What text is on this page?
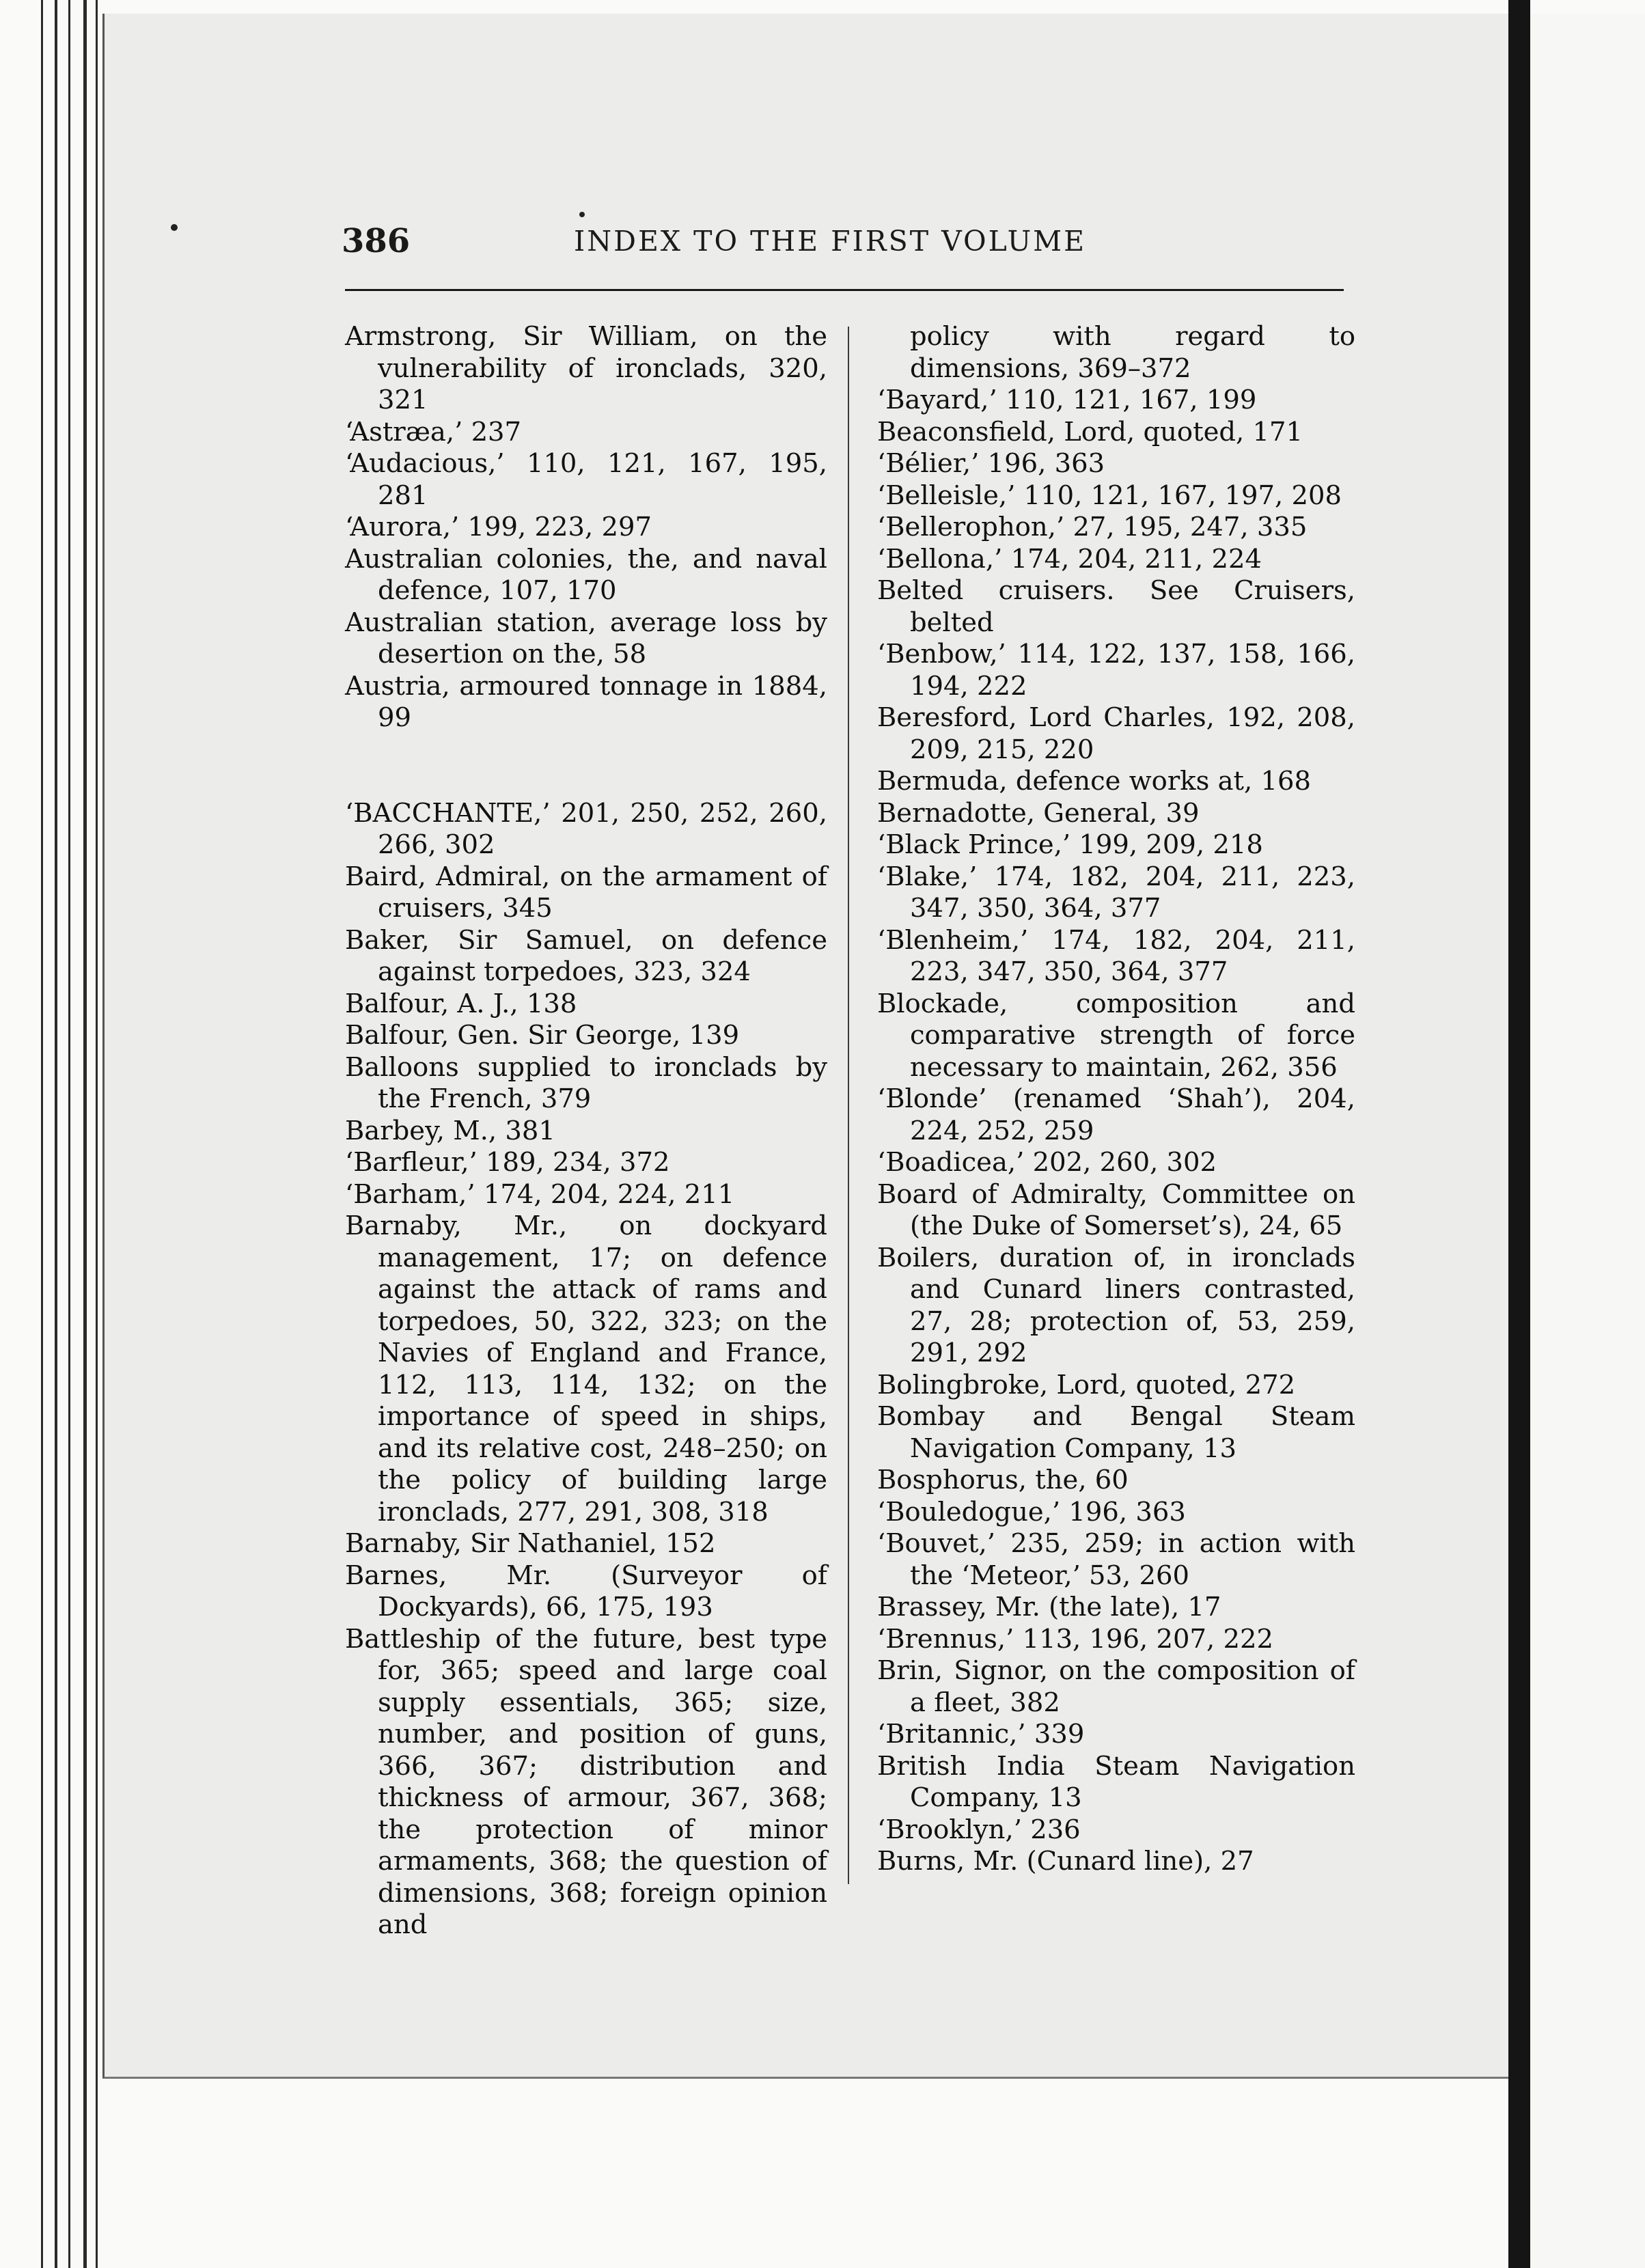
386	INDEX TO THE FIRST VOLUME

Armstrong, Sir William, on the vulnerability of ironclads, 320, 321

‘Astræa,’ 237

‘Audacious,’ 110, 121, 167, 195, 281

‘Aurora,’ 199, 223, 297

Australian colonies, the, and naval defence, 107, 170

Australian station, average loss by desertion on the, 58

Austria, armoured tonnage in 1884, 99

‘BACCHANTE,’ 201, 250, 252, 260, 266, 302

Baird, Admiral, on the armament of cruisers, 345

Baker, Sir Samuel, on defence against torpedoes, 323, 324

Balfour, A. J., 138

Balfour, Gen. Sir George, 139

Balloons supplied to ironclads by the French, 379

Barbey, M., 381

‘Barfleur,’ 189, 234, 372

‘Barham,’ 174, 204, 224, 211

Barnaby, Mr., on dockyard management, 17; on defence against the attack of rams and torpedoes, 50, 322, 323; on the Navies of England and France, 112, 113, 114, 132; on the importance of speed in ships, and its relative cost, 248–250; on the policy of building large ironclads, 277, 291, 308, 318

Barnaby, Sir Nathaniel, 152

Barnes, Mr. (Surveyor of Dockyards), 66, 175, 193

Battleship of the future, best type for, 365; speed and large coal supply essentials, 365; size, number, and position of guns, 366, 367; distribution and thickness of armour, 367, 368; the protection of minor armaments, 368; the question of dimensions, 368; foreign opinion and

policy with regard to dimensions, 369–372

‘Bayard,’ 110, 121, 167, 199

Beaconsfield, Lord, quoted, 171

‘Bélier,’ 196, 363

‘Belleisle,’ 110, 121, 167, 197, 208

‘Bellerophon,’ 27, 195, 247, 335

‘Bellona,’ 174, 204, 211, 224

Belted cruisers. See Cruisers, belted

‘Benbow,’ 114, 122, 137, 158, 166, 194, 222

Beresford, Lord Charles, 192, 208, 209, 215, 220

Bermuda, defence works at, 168

Bernadotte, General, 39

‘Black Prince,’ 199, 209, 218

‘Blake,’ 174, 182, 204, 211, 223, 347, 350, 364, 377

‘Blenheim,’ 174, 182, 204, 211, 223, 347, 350, 364, 377

Blockade, composition and comparative strength of force necessary to maintain, 262, 356

‘Blonde’ (renamed ‘Shah’), 204, 224, 252, 259

‘Boadicea,’ 202, 260, 302

Board of Admiralty, Committee on (the Duke of Somerset’s), 24, 65

Boilers, duration of, in ironclads and Cunard liners contrasted, 27, 28; protection of, 53, 259, 291, 292

Bolingbroke, Lord, quoted, 272

Bombay and Bengal Steam Navigation Company, 13

Bosphorus, the, 60

‘Bouledogue,’ 196, 363

‘Bouvet,’ 235, 259; in action with the ‘Meteor,’ 53, 260

Brassey, Mr. (the late), 17

‘Brennus,’ 113, 196, 207, 222

Brin, Signor, on the composition of a fleet, 382

‘Britannic,’ 339

British India Steam Navigation Company, 13

‘Brooklyn,’ 236

Burns, Mr. (Cunard line), 27
